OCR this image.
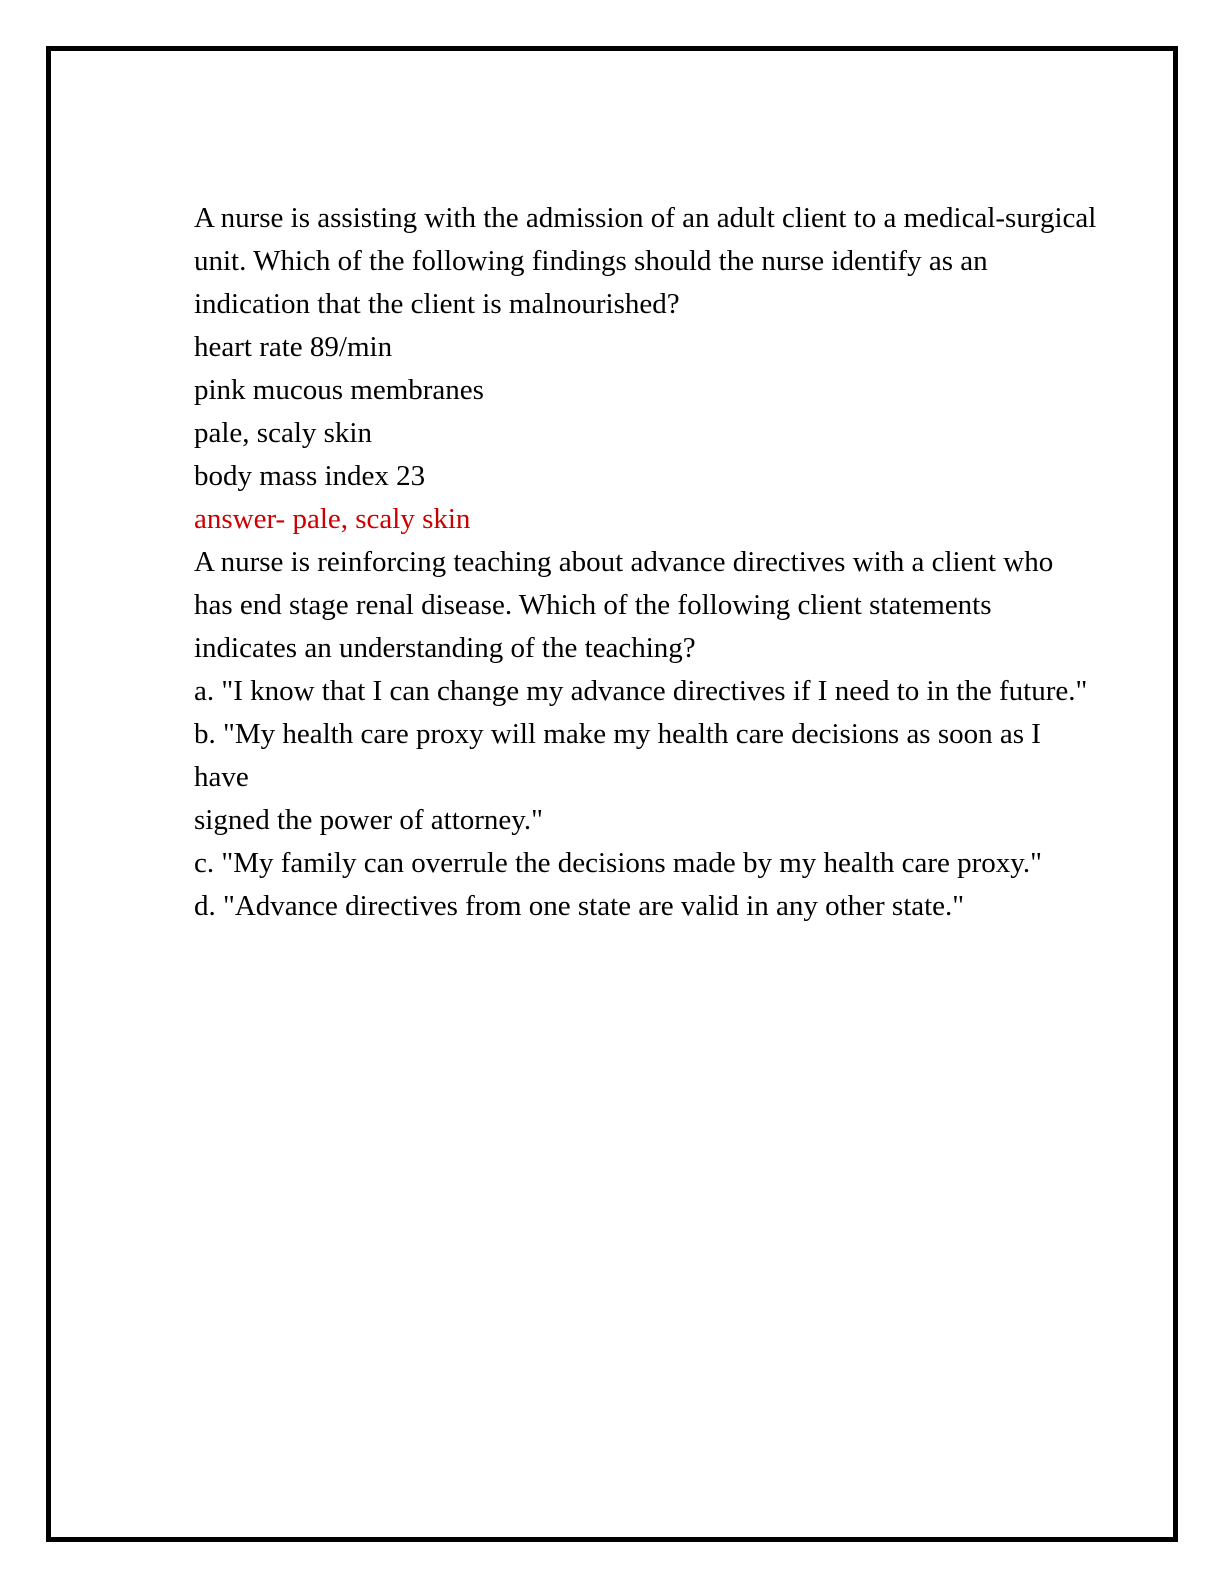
A nurse is assisting with the admission of an adult client to a medical-surgical unit. Which of the following findings should the nurse identify as an indication that the client is malnourished?

heart rate 89/min

pink mucous membranes

pale, scaly skin

body mass index 23

answer- pale, scaly skin

A nurse is reinforcing teaching about advance directives with a client who has end stage renal disease. Which of the following client statements indicates an understanding of the teaching?

a. "I know that I can change my advance directives if I need to in the future."

b. "My health care proxy will make my health care decisions as soon as I have

signed the power of attorney."

c. "My family can overrule the decisions made by my health care proxy."

d. "Advance directives from one state are valid in any other state."
